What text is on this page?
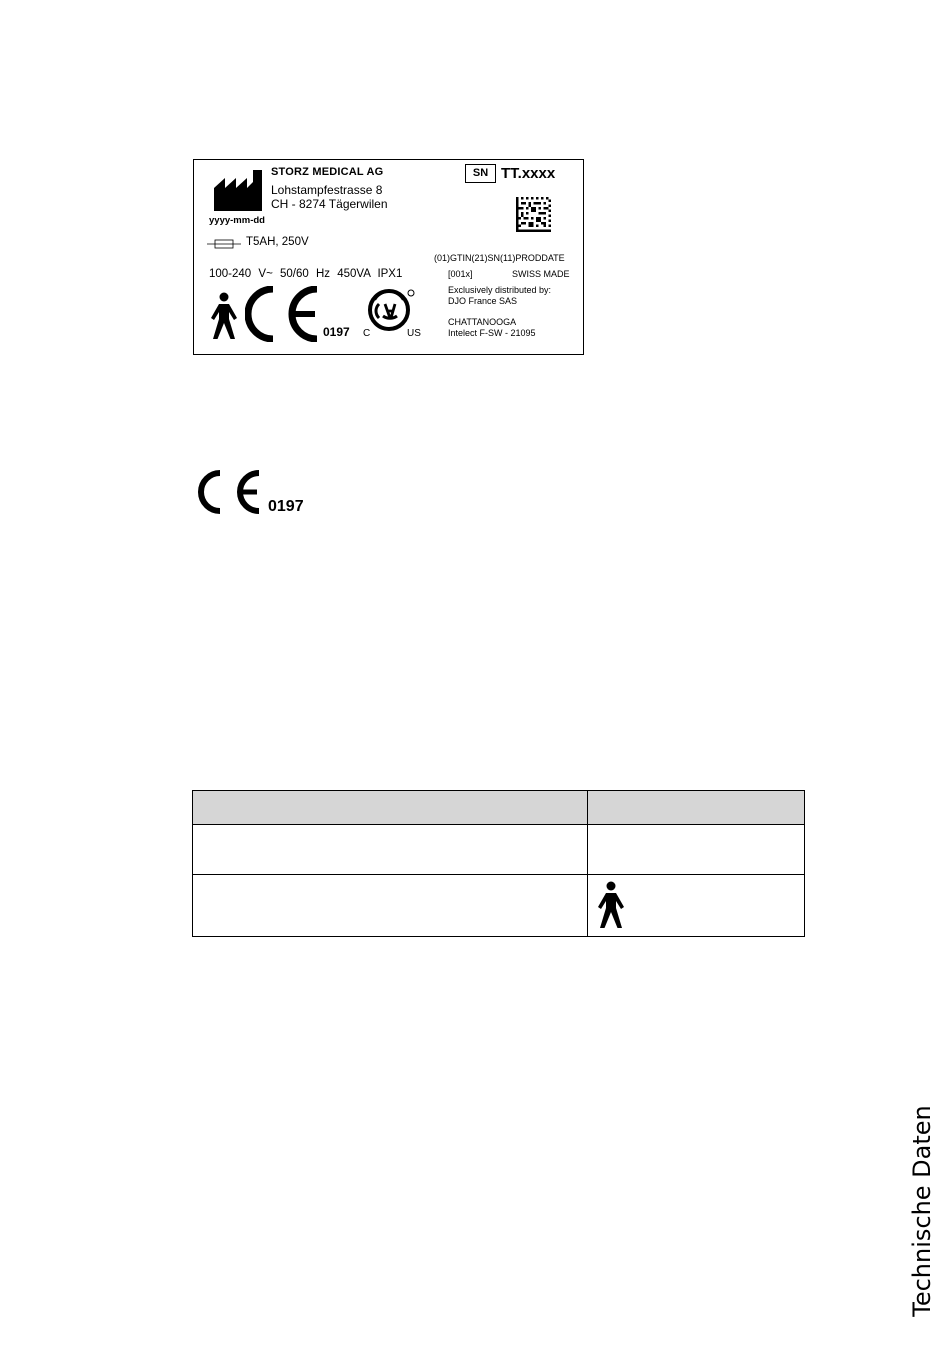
STORZ MEDICAL AG
Lohstampfestrasse 8
CH - 8274 Tägerwilen
yyyy-mm-dd
T5AH, 250V
100-240 V~ 50/60 Hz 450VA IPX1
SN TT.xxxx
(01)GTIN(21)SN(11)PRODDATE
[001x]	SWISS MADE
Exclusively distributed by:
DJO France SAS
CHATTANOOGA
Intelect F-SW - 21095
0197 C	US
0197

Technische Daten
